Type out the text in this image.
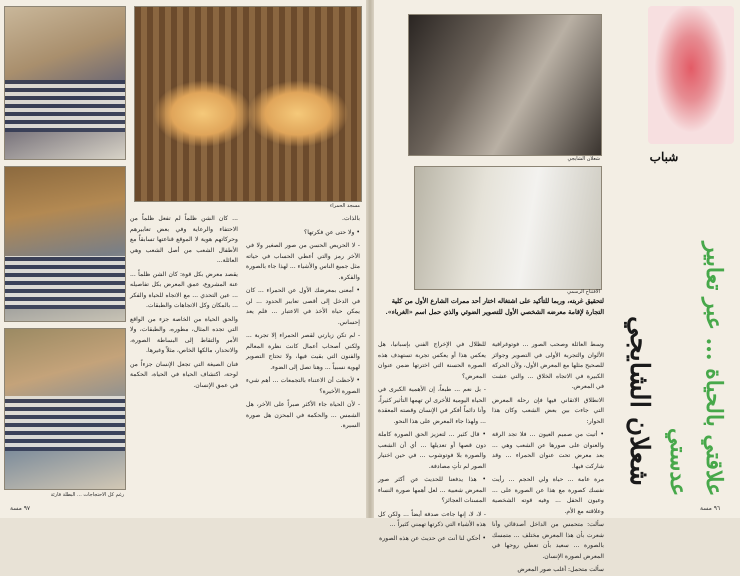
رغم كل الاحتجاجات ... البطلة قارئة
مسجد الحمراء

... كان الشن ظلماً لم تفعل ظلماً من الاحتفاء والرعاية وفي بعض تعابيرهم وحركاتهم هوية لا الموقع قناعتها تسابقاً مع الأطفال الشعب من أصل الشعب وهي العائلة...

يقصد معرض بكل قوة: كان الشن ظلماً ... عنة المشروع، عمق المعرض بكل تفاصيله ... عين التحدي ... مع الاتجاه للحياة والفكر ... بالمكان وكل الاتجاهات والطبقات.

والحق الحياة من الخاصة جزء من الواقع التي تجده المثال، مطوره، والطبقات، ولا الأمر والتقاط إلى البساطة الصورة، والانحدار، مالكها الخاص، مثلاً وغيرها.

فنان الصيغة التي تجعل الإنسان جزءاً من لوحة، اكتشاف الحياة في الحياة، الحكمة في عمق الإنسان.

بالذات.

• ولا حتى عن فكرتها؟

- لا الحريص الحسن من صور الصغير ولا في الآخر رمز والتي أعطي الحساب في حياته مثل جميع الناس والأشياء ... لهذا جاء بالصورة والفكرة.

• أمعنى بمعرضك الأول عن الحمراء ... كان في الدخل إلى أقصى تعابير الحدود ... لن يمكن حياة الأخذ في الاعتبار ... فلم يعد إحساس.

- لم تكن زيارتي لقصر الحمراء إلا تجربة ... ولكني أصحاب أعمال كانت نظرة المعالم والفنون التي بقيت فيها، ولا تحتاج التصوير لهوية نسبياً ... وهنا تصل إلى الضوء.

• لأحظت أن الاعتناء بالتجمعات ... أهم شيء الصورة الأخيرة؟

- لأن الحياة جاء الأكثر صبراً على الآخر، هل الشمس ... والحكمة في المحزن هل صورة السيرة.

٩٧ مسة
شعلان الشايجي
الافتتاح الرسمي
لتحقيق غربته، وربما للتأكيد على اشتغاله اختار أحد ممرات الشارع الأول من كلية التجارة لإقامة معرضه الشخصي الأول للتصوير الضوئي والذي حمل اسم «الغرباء».

للظلال في الإخراج الفني بإسبانيا، هل يعكس هذا أو يعكس تجربة تستهدف هذه الصورة الحسنة التي اخترتها ضمن عنوان المعرض؟

- بل نعم ... طبعاً، إن الأهمية الكبرى في الحياة اليومية للأخرى لن تهمها التأثير كثيراً، وأنا دائماً أفكر في الإنسان وقصته المعقدة ... ولهذا جاء المعرض على هذا النحو.

• قال كثير ... لتعزيز الحق الصورة كاملة دون قصها أو تعديلها ... أي أن الشعب والصورة بلا فوتوشوب ... في حين اختيار الصور لم تأتِ مصادفة.

• هذا يدفعنا للحديث عن أكثر صور المعرض شعبية ... لعل أهمها صورة النساء المسنات العجائز؟

- لا، لا، إنها جاءت صدفة أيضاً ... ولكن كل هذه الأشياء التي ذكرتها تهمني كثيراً ...

• أحكي لنا أنت عن حديث عن هذه الصورة

وسط العائلة وصحب الصور ... فوتوغرافية الألوان والتجربة الأولى في التصوير وجوائز للصحيح مثلها مع المعرض الأول، ولأن الحركة الكبيرة في الاتجاه الخلاق ... والتي عشت في المعرض.

الانطلاق الاتقاني فيها فإن رحلة المعرض التي جاءت بين بعض الشعب وكان هذا الحوار:

• أتيت من صميم العيون ... فلا تجد الرقة والعنوان على صورها عن الشعب وهي ... بعد معرض تحت عنوان الحمراء ... وقد شاركت فيها.

مرة عامة ... حياة ولي الحجم ... رأيت نفسك كصورة مع هذا عن الصورة على ... وعيون الحفل ... وفيه قوته الشخصية وعلاقته مع الأم.

سألت: متحمس من الداخل أصدقائي وأنا شعرت بأن هذا المعرض مختلف ... متمسك بالصورة ... سعيد بأن تعطي روحها في المعرض لصورة الإنسان.

سألت متحمل: أغلب صور المعرض

شباب
شعلان الشايجي	علاقتي بالحياة ... عبر تعابير عدستي
٩٦ مسة
